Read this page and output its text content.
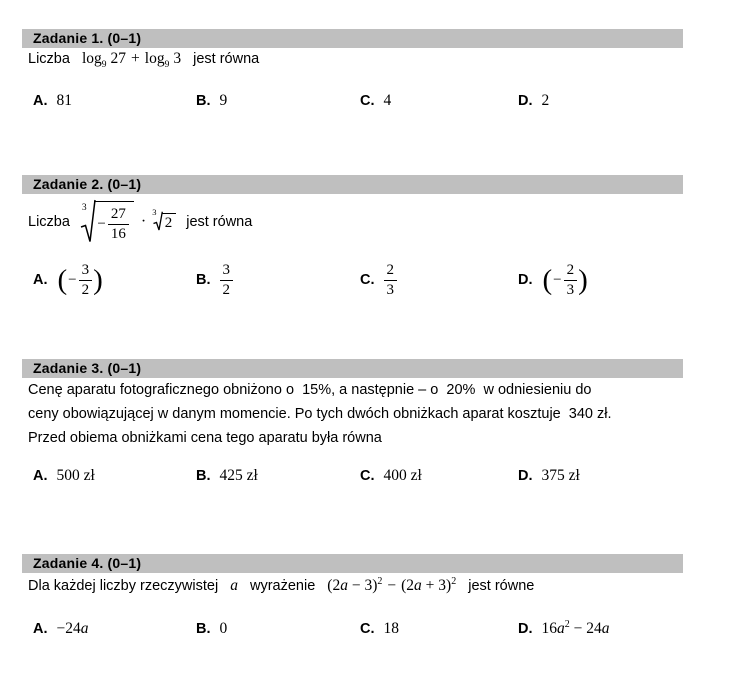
Zadanie 1. (0–1)
Liczba $\log_9 27 + \log_9 3$ jest równa
A. 81	B. 9	C. 4	D. 2
Zadanie 2. (0–1)
Liczba
3
− $\frac{27}{16}$ ·
3
2 jest równa
A. ( − $\frac{3}{2}$ )	B. $\frac{3}{2}$	C. $\frac{2}{3}$	D. ( − $\frac{2}{3}$ )
Zadanie 3. (0–1)
Cenę aparatu fotograficznego obniżono o  15%, a następnie – o  20%  w odniesieniu do
ceny obowiązującej w danym momencie. Po tych dwóch obniżkach aparat kosztuje  340 zł.
Przed obiema obniżkami cena tego aparatu była równa
A. 500 zł	B. 425 zł	C. 400 zł	D. 375 zł
Zadanie 4. (0–1)
Dla każdej liczby rzeczywistej a wyrażenie $(2a - 3)^2 - (2a + 3)^2$ jest równe
A. −24a	B. 0	C. 18	D. $16a^2 - 24a$
